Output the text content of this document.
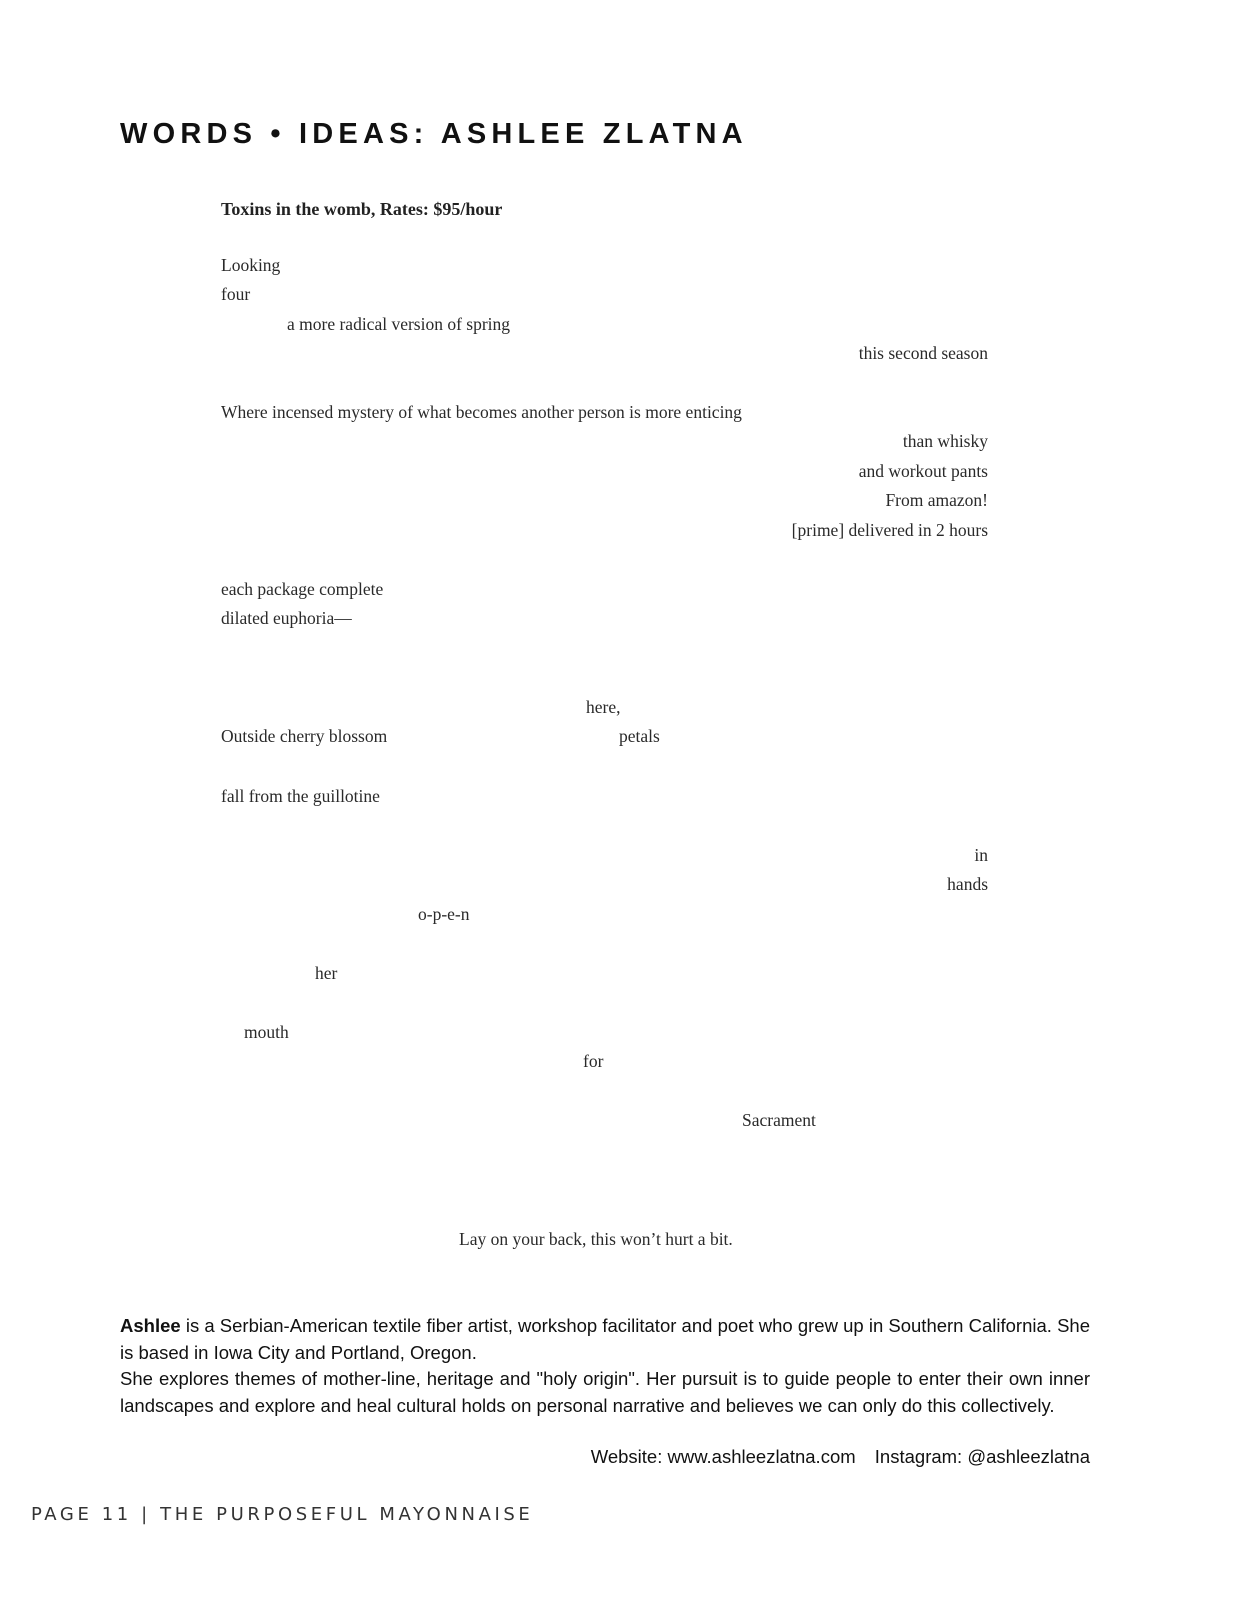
WORDS • IDEAS: ASHLEE ZLATNA
Toxins in the womb, Rates: $95/hour
Looking
four
a more radical version of spring
this second season
Where incensed mystery of what becomes another person is more enticing
than whisky
and workout pants
From amazon!
[prime] delivered in 2 hours
each package complete
dilated euphoria—
here,
Outside cherry blossom	petals
fall from the guillotine
in
hands
o-p-e-n
her
mouth
for
Sacrament
Lay on your back, this won’t hurt a bit.

Ashlee is a Serbian-American textile fiber artist, workshop facilitator and poet who grew up in Southern California. She is based in Iowa City and Portland, Oregon.

She explores themes of mother-line, heritage and "holy origin". Her pursuit is to guide people to enter their own inner landscapes and explore and heal cultural holds on personal narrative and believes we can only do this collectively.

Website: www.ashleezlatna.com Instagram: @ashleezlatna
PAGE 11 | THE PURPOSEFUL MAYONNAISE
